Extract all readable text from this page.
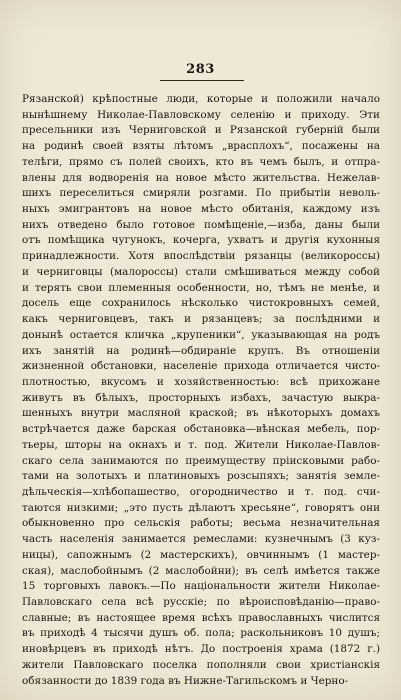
283
Рязанской) крѣпостные люди, которые и положили начало
нынѣшнему Николае-Павловскому селенію и приходу. Эти
пресельники изъ Черниговской и Рязанской губерній были
на родинѣ своей взяты лѣтомъ „врасплохъ“, посажены на
телѣги, прямо съ полей своихъ, кто въ чемъ былъ, и отпра-
влены для водворенія на новое мѣсто жительства. Нежелав-
шихъ переселиться смиряли розгами. По прибытіи неволь-
ныхъ эмигрантовъ на новое мѣсто обитанія, каждому изъ
нихъ отведено было готовое помѣщеніе,—изба, даны были
отъ помѣщика чугунокъ, кочерга, ухватъ и другія кухонныя
принадлежности. Хотя впослѣдствіи рязанцы (великороссы)
и черниговцы (малороссы) стали смѣшиваться между собой
и терять свои племенныя особенности, но, тѣмъ не менѣе, и
досель еще сохранилось нѣсколько чистокровныхъ семей,
какъ черниговцевъ, такъ и рязанцевъ; за послѣдними и
донынѣ остается кличка „крупеники“, указывающая на родъ
ихъ занятій на родинѣ—обдираніе крупъ. Въ отношеніи
жизненной обстановки, населеніе прихода отличается чисто-
плотностью, вкусомъ и хозяйственностью: всѣ прихожане
живутъ въ бѣлыхъ, просторныхъ избахъ, зачастую выкра-
шенныхъ внутри масляной краской; въ нѣкоторыхъ домахъ
встрѣчается даже барская обстановка—вѣнская мебель, пор-
тьеры, шторы на окнахъ и т. под. Жители Николае-Павлов-
скаго села занимаются по преимуществу пріисковыми рабо-
тами на золотыхъ и платиновыхъ розсыпяхъ; занятія земле-
дѣльческія—хлѣбопашество, огородничество и т. под. счи-
таются низкими; „это пусть дѣлаютъ хресьяне“, говорятъ они
обыкновенно про сельскія работы; весьма незначительная
часть населенія занимается ремеслами: кузнечнымъ (3 куз-
ницы), сапожнымъ (2 мастерскихъ), овчиннымъ (1 мастер-
ская), маслобойнымъ (2 маслобойни); въ селѣ имѣется также
15 торговыхъ лавокъ.—По національности жители Николае-
Павловскаго села всѣ русскіе; по вѣроисповѣданію—право-
славные; въ настоящее время всѣхъ православныхъ числится
въ приходѣ 4 тысячи душъ об. пола; раскольниковъ 10 душъ;
иновѣрцевъ въ приходѣ нѣтъ. До построенія храма (1872 г.)
жители Павловскаго поселка пополняли свои христіанскія
обязанности до 1839 года въ Нижне-Тагильскомъ и Черно-
